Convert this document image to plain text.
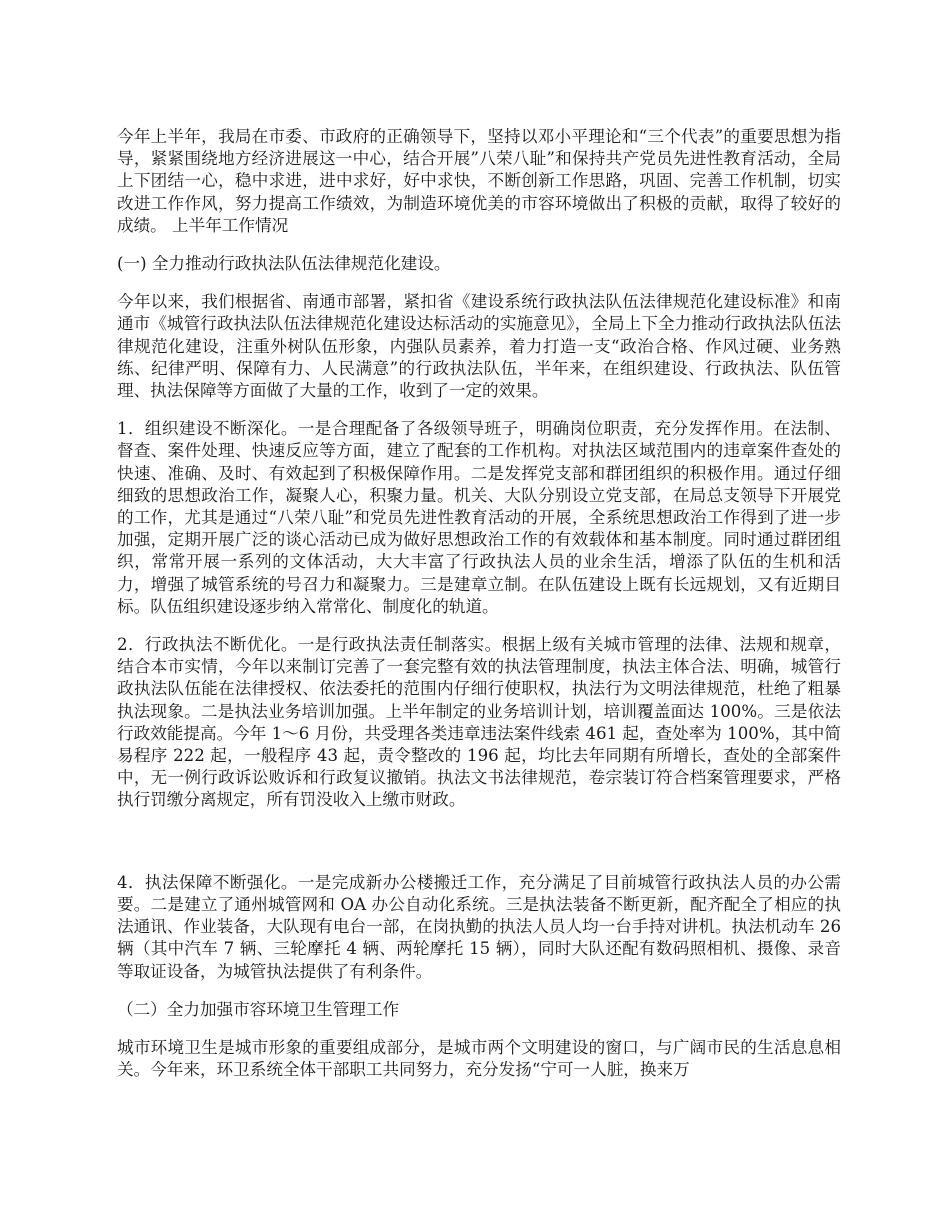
今年上半年，我局在市委、市政府的正确领导下，坚持以邓小平理论和“三个代表”的重要思想为指导，紧紧围绕地方经济进展这一中心，结合开展”八荣八耻”和保持共产党员先进性教育活动，全局上下团结一心，稳中求进，进中求好，好中求快，不断创新工作思路，巩固、完善工作机制，切实改进工作作风，努力提高工作绩效，为制造环境优美的市容环境做出了积极的贡献，取得了较好的成绩。 上半年工作情况

(一) 全力推动行政执法队伍法律规范化建设。

今年以来，我们根据省、南通市部署，紧扣省《建设系统行政执法队伍法律规范化建设标准》和南通市《城管行政执法队伍法律规范化建设达标活动的实施意见》，全局上下全力推动行政执法队伍法律规范化建设，注重外树队伍形象，内强队员素养，着力打造一支“政治合格、作风过硬、业务熟练、纪律严明、保障有力、人民满意”的行政执法队伍，半年来，在组织建设、行政执法、队伍管理、执法保障等方面做了大量的工作，收到了一定的效果。

1．组织建设不断深化。一是合理配备了各级领导班子，明确岗位职责，充分发挥作用。在法制、督查、案件处理、快速反应等方面，建立了配套的工作机构。对执法区域范围内的违章案件查处的快速、准确、及时、有效起到了积极保障作用。二是发挥党支部和群团组织的积极作用。通过仔细细致的思想政治工作，凝聚人心，积聚力量。机关、大队分别设立党支部，在局总支领导下开展党的工作，尤其是通过“八荣八耻”和党员先进性教育活动的开展，全系统思想政治工作得到了进一步加强，定期开展广泛的谈心活动已成为做好思想政治工作的有效载体和基本制度。同时通过群团组织，常常开展一系列的文体活动，大大丰富了行政执法人员的业余生活，增添了队伍的生机和活力，增强了城管系统的号召力和凝聚力。三是建章立制。在队伍建设上既有长远规划，又有近期目标。队伍组织建设逐步纳入常常化、制度化的轨道。

2．行政执法不断优化。一是行政执法责任制落实。根据上级有关城市管理的法律、法规和规章，结合本市实情，今年以来制订完善了一套完整有效的执法管理制度，执法主体合法、明确，城管行政执法队伍能在法律授权、依法委托的范围内仔细行使职权，执法行为文明法律规范，杜绝了粗暴执法现象。二是执法业务培训加强。上半年制定的业务培训计划，培训覆盖面达 100%。三是依法行政效能提高。今年 1～6 月份，共受理各类违章违法案件线索 461 起，查处率为 100%，其中简易程序 222 起，一般程序 43 起，责令整改的 196 起，均比去年同期有所增长，查处的全部案件中，无一例行政诉讼败诉和行政复议撤销。执法文书法律规范，卷宗装订符合档案管理要求，严格执行罚缴分离规定，所有罚没收入上缴市财政。

4．执法保障不断强化。一是完成新办公楼搬迁工作，充分满足了目前城管行政执法人员的办公需要。二是建立了通州城管网和 OA 办公自动化系统。三是执法装备不断更新，配齐配全了相应的执法通讯、作业装备，大队现有电台一部，在岗执勤的执法人员人均一台手持对讲机。执法机动车 26 辆（其中汽车 7 辆、三轮摩托 4 辆、两轮摩托 15 辆），同时大队还配有数码照相机、摄像、录音等取证设备，为城管执法提供了有利条件。

（二）全力加强市容环境卫生管理工作

城市环境卫生是城市形象的重要组成部分，是城市两个文明建设的窗口，与广阔市民的生活息息相关。今年来，环卫系统全体干部职工共同努力，充分发扬“宁可一人脏，换来万
